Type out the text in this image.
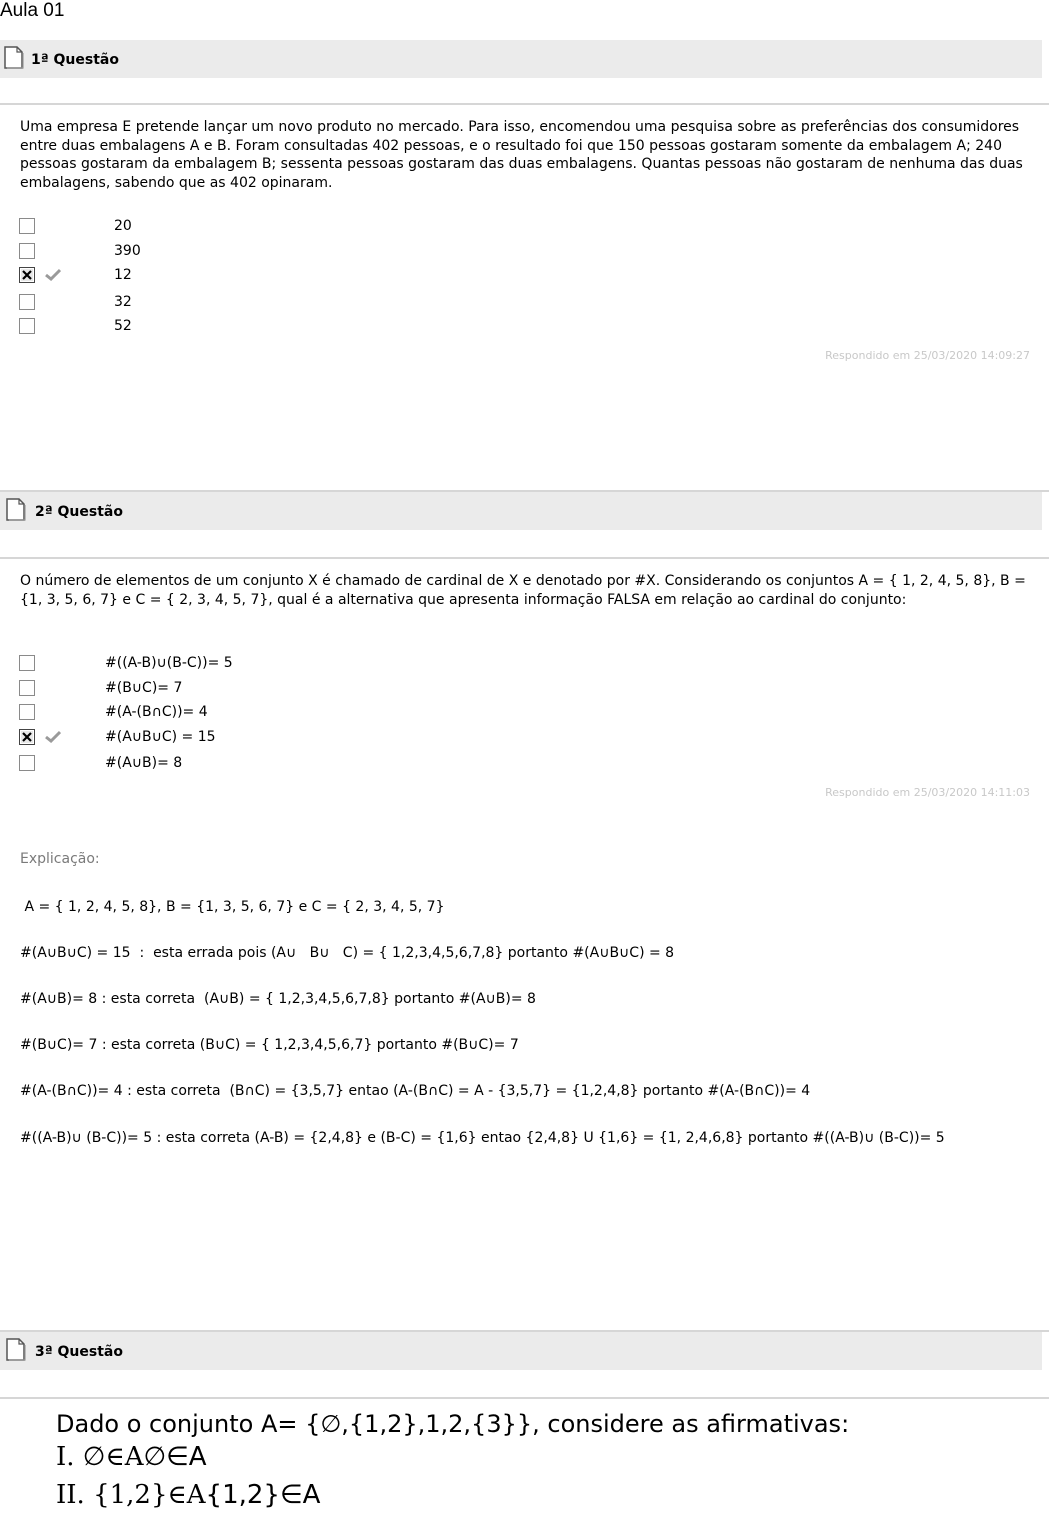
Aula 01
1ª Questão
Uma empresa E pretende lançar um novo produto no mercado. Para isso, encomendou uma pesquisa sobre as preferências dos consumidores entre duas embalagens A e B. Foram consultadas 402 pessoas, e o resultado foi que 150 pessoas gostaram somente da embalagem A; 240 pessoas gostaram da embalagem B; sessenta pessoas gostaram das duas embalagens. Quantas pessoas não gostaram de nenhuma das duas embalagens, sabendo que as 402 opinaram.
20
390
12
32
52
Respondido em 25/03/2020 14:09:27
2ª Questão
O número de elementos de um conjunto X é chamado de cardinal de X e denotado por #X. Considerando os conjuntos A = { 1, 2, 4, 5, 8}, B = {1, 3, 5, 6, 7} e C = { 2, 3, 4, 5, 7}, qual é a alternativa que apresenta informação FALSA em relação ao cardinal do conjunto:
#((A-B)∪(B-C))= 5
#(B∪C)= 7
#(A-(B∩C))= 4
#(A∪B∪C) = 15
#(A∪B)= 8
Respondido em 25/03/2020 14:11:03
Explicação:
A = { 1, 2, 4, 5, 8}, B = {1, 3, 5, 6, 7} e C = { 2, 3, 4, 5, 7}
#(A∪B∪C) = 15  :  esta errada pois (A∪   B∪   C) = { 1,2,3,4,5,6,7,8} portanto #(A∪B∪C) = 8
#(A∪B)= 8 : esta correta  (A∪B) = { 1,2,3,4,5,6,7,8} portanto #(A∪B)= 8
#(B∪C)= 7 : esta correta (B∪C) = { 1,2,3,4,5,6,7} portanto #(B∪C)= 7
#(A-(B∩C))= 4 : esta correta  (B∩C) = {3,5,7} entao (A-(B∩C) = A - {3,5,7} = {1,2,4,8} portanto #(A-(B∩C))= 4
#((A-B)∪ (B-C))= 5 : esta correta (A-B) = {2,4,8} e (B-C) = {1,6} entao {2,4,8} U {1,6} = {1, 2,4,6,8} portanto #((A-B)∪ (B-C))= 5
3ª Questão
Dado o conjunto A= {∅,{1,2},1,2,{3}}, considere as afirmativas:
I. ∅∈A∅∈A
II. {1,2}∈A{1,2}∈A
